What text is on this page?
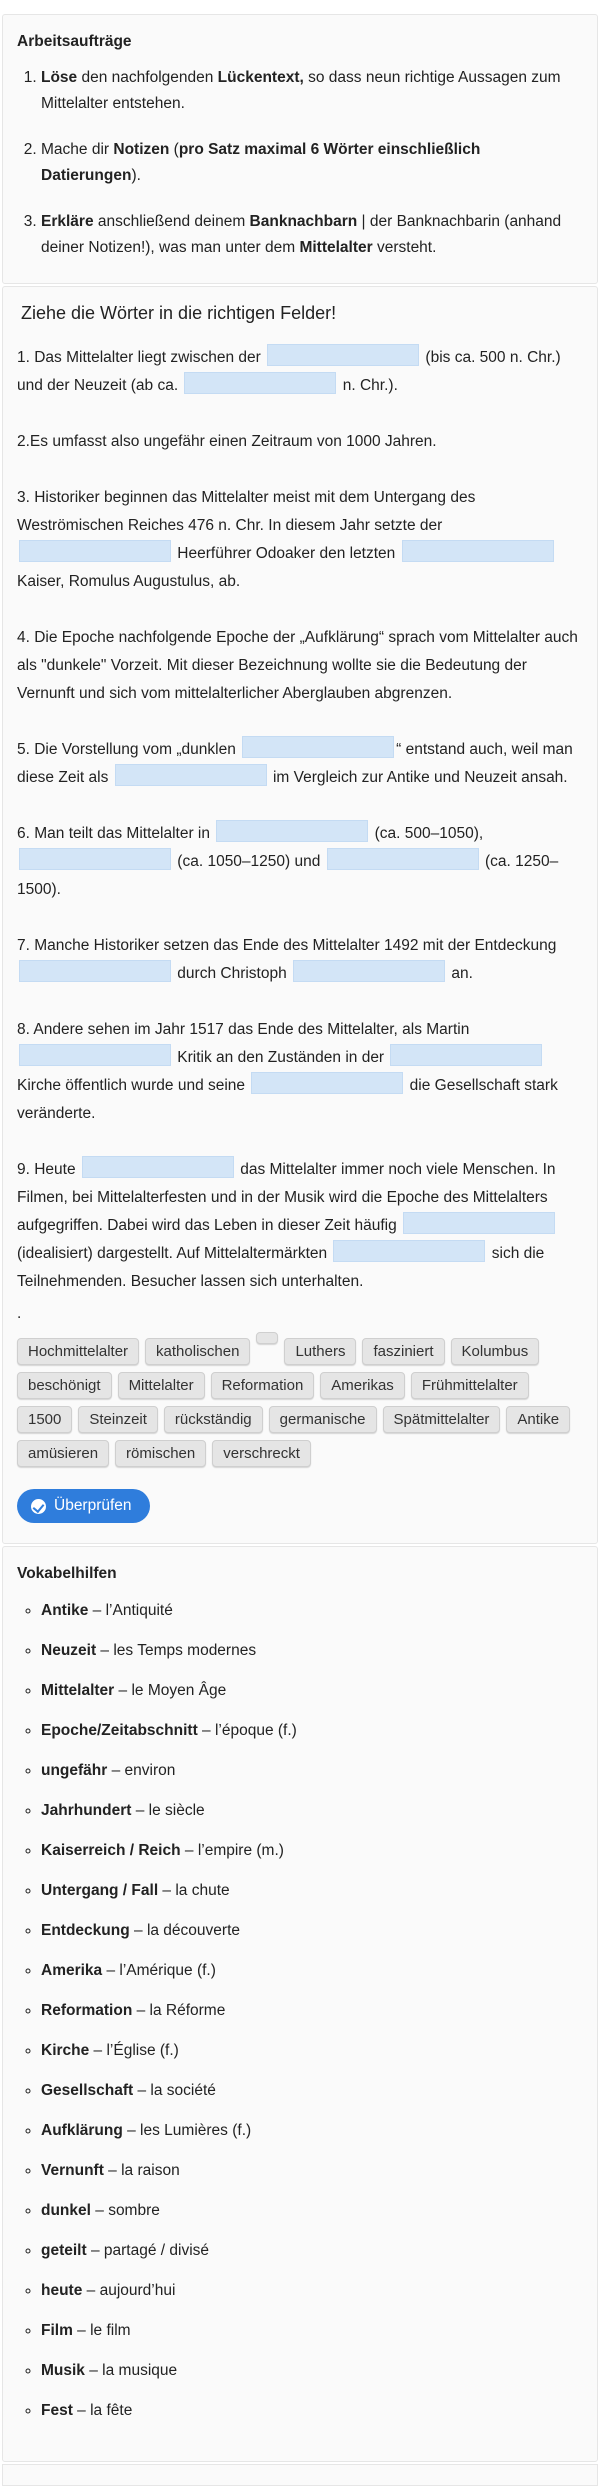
Arbeitsaufträge
1. Löse den nachfolgenden Lückentext, so dass neun richtige Aussagen zum Mittelalter entstehen.
2. Mache dir Notizen (pro Satz maximal 6 Wörter einschließlich Datierungen).
3. Erkläre anschließend deinem Banknachbarn | der Banknachbarin (anhand deiner Notizen!), was man unter dem Mittelalter versteht.
Ziehe die Wörter in die richtigen Felder!
1. Das Mittelalter liegt zwischen der	(bis ca. 500 n. Chr.) und der Neuzeit (ab ca.	n. Chr.).
2.Es umfasst also ungefähr einen Zeitraum von 1000 Jahren.
3. Historiker beginnen das Mittelalter meist mit dem Untergang des Weströmischen Reiches 476 n. Chr. In diesem Jahr setzte der  Heerführer Odoaker den letzten  Kaiser, Romulus Augustulus, ab.
4. Die Epoche nachfolgende Epoche der „Aufklärung“ sprach vom Mittelalter auch als "dunkele" Vorzeit. Mit dieser Bezeichnung wollte sie die Bedeutung der Vernunft und sich vom mittelalterlicher Aberglauben abgrenzen.
5. Die Vorstellung vom „dunklen	“ entstand auch, weil man diese Zeit als	im Vergleich zur Antike und Neuzeit ansah.
6. Man teilt das Mittelalter in	(ca. 500–1050),  (ca. 1050–1250) und	(ca. 1250–1500).
7. Manche Historiker setzen das Ende des Mittelalter 1492 mit der Entdeckung  durch Christoph	an.
8. Andere sehen im Jahr 1517 das Ende des Mittelalter, als Martin  Kritik an den Zuständen in der  Kirche öffentlich wurde und seine	die Gesellschaft stark veränderte.
9. Heute	das Mittelalter immer noch viele Menschen. In Filmen, bei Mittelalterfesten und in der Musik wird die Epoche des Mittelalters aufgegriffen. Dabei wird das Leben in dieser Zeit häufig  (idealisiert) dargestellt. Auf Mittelaltermärkten	sich die Teilnehmenden. Besucher lassen sich unterhalten.
.
Hochmittelalter	katholischen	Luthers	fasziniert	Kolumbus
beschönigt	Mittelalter	Reformation	Amerikas	Frühmittelalter
1500	Steinzeit	rückständig	germanische	Spätmittelalter	Antike
amüsieren	römischen	verschreckt
Überprüfen
Vokabelhilfen
◦ Antike – l’Antiquité
◦ Neuzeit – les Temps modernes
◦ Mittelalter – le Moyen Âge
◦ Epoche/Zeitabschnitt – l’époque (f.)
◦ ungefähr – environ
◦ Jahrhundert – le siècle
◦ Kaiserreich / Reich – l’empire (m.)
◦ Untergang / Fall – la chute
◦ Entdeckung – la découverte
◦ Amerika – l’Amérique (f.)
◦ Reformation – la Réforme
◦ Kirche – l’Église (f.)
◦ Gesellschaft – la société
◦ Aufklärung – les Lumières (f.)
◦ Vernunft – la raison
◦ dunkel – sombre
◦ geteilt – partagé / divisé
◦ heute – aujourd’hui
◦ Film – le film
◦ Musik – la musique
◦ Fest – la fête
